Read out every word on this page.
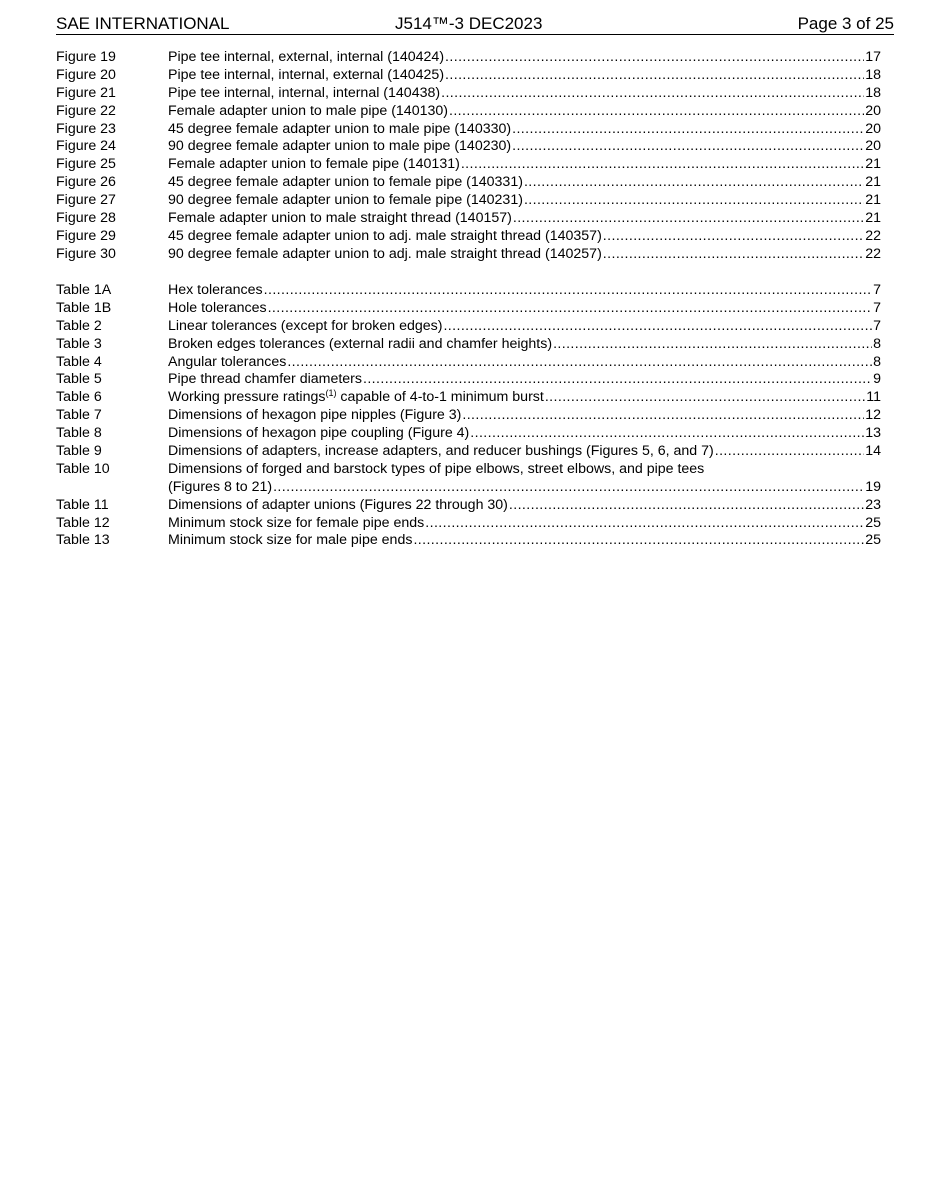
SAE INTERNATIONAL	J514™-3 DEC2023	Page 3 of 25
Figure 19	Pipe tee internal, external, internal (140424) .....	17
Figure 20	Pipe tee internal, internal, external (140425) .....	18
Figure 21	Pipe tee internal, internal, internal (140438) .....	18
Figure 22	Female adapter union to male pipe (140130) .....	20
Figure 23	45 degree female adapter union to male pipe (140330) .....	20
Figure 24	90 degree female adapter union to male pipe (140230) .....	20
Figure 25	Female adapter union to female pipe (140131) .....	21
Figure 26	45 degree female adapter union to female pipe (140331) .....	21
Figure 27	90 degree female adapter union to female pipe (140231) .....	21
Figure 28	Female adapter union to male straight thread (140157) .....	21
Figure 29	45 degree female adapter union to adj. male straight thread (140357) .....	22
Figure 30	90 degree female adapter union to adj. male straight thread (140257) .....	22
Table 1A	Hex tolerances .....	7
Table 1B	Hole tolerances .....	7
Table 2	Linear tolerances (except for broken edges) .....	7
Table 3	Broken edges tolerances (external radii and chamfer heights) .....	8
Table 4	Angular tolerances .....	8
Table 5	Pipe thread chamfer diameters .....	9
Table 6	Working pressure ratings$^{(1)}$ capable of 4-to-1 minimum burst .....	11
Table 7	Dimensions of hexagon pipe nipples (Figure 3) .....	12
Table 8	Dimensions of hexagon pipe coupling (Figure 4) .....	13
Table 9	Dimensions of adapters, increase adapters, and reducer bushings (Figures 5, 6, and 7) .....	14
Table 10	Dimensions of forged and barstock types of pipe elbows, street elbows, and pipe tees
(Figures 8 to 21) .....	19
Table 11	Dimensions of adapter unions (Figures 22 through 30) .....	23
Table 12	Minimum stock size for female pipe ends .....	25
Table 13	Minimum stock size for male pipe ends .....	25
